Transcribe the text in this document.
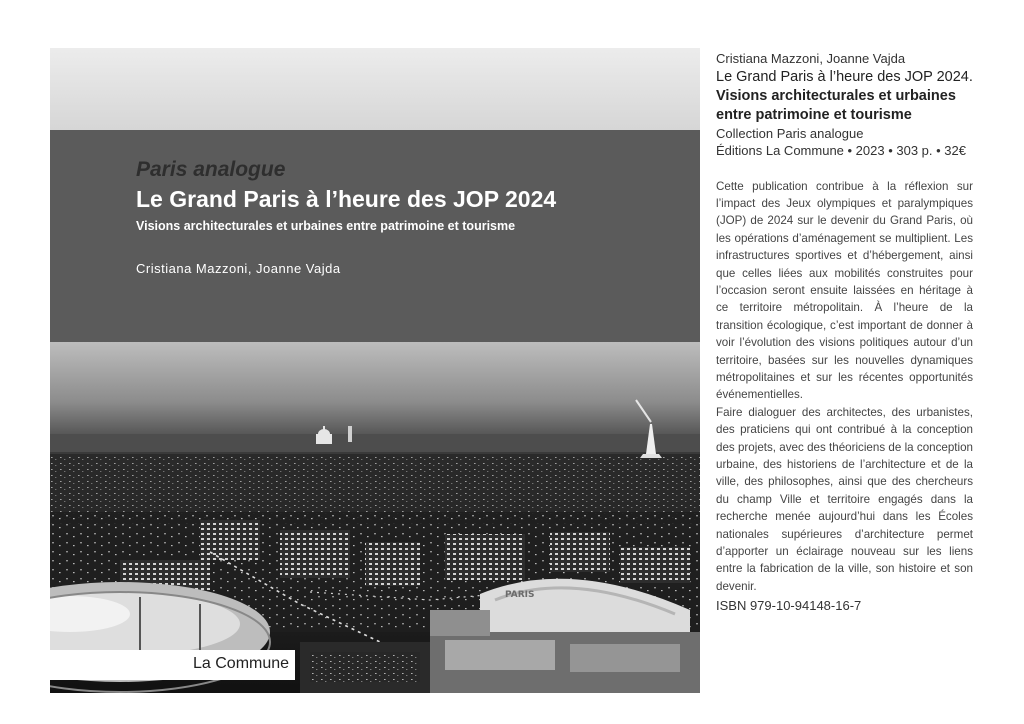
Paris analogue
Le Grand Paris à l’heure des JOP 2024
Visions architecturales et urbaines entre patrimoine et tourisme
Cristiana Mazzoni, Joanne Vajda
PARIS
La Commune
Cristiana Mazzoni, Joanne Vajda
Le Grand Paris à l’heure des JOP 2024.
Visions architecturales et urbaines
entre patrimoine et tourisme
Collection Paris analogue
Éditions La Commune • 2023 • 303 p. • 32€

Cette publication contribue à la réflexion sur l’impact des Jeux olympiques et paralympiques (JOP) de 2024 sur le devenir du Grand Paris, où les opérations d’aménagement se multiplient. Les infrastructures sportives et d’hébergement, ainsi que celles liées aux mobilités construites pour l’occasion seront ensuite laissées en héritage à ce territoire métropolitain. À l’heure de la transition écologique, c’est important de donner à voir l’évolution des visions politiques autour d’un territoire, basées sur les nouvelles dynamiques métropolitaines et sur les récentes opportunités événementielles.

Faire dialoguer des architectes, des urbanistes, des praticiens qui ont contribué à la conception des projets, avec des théoriciens de la conception urbaine, des historiens de l’architecture et de la ville, des philosophes, ainsi que des chercheurs du champ Ville et territoire engagés dans la recherche menée aujourd’hui dans les Écoles nationales supérieures d’architecture permet d’apporter un éclairage nouveau sur les liens entre la fabrication de la ville, son histoire et son devenir.

ISBN 979-10-94148-16-7
